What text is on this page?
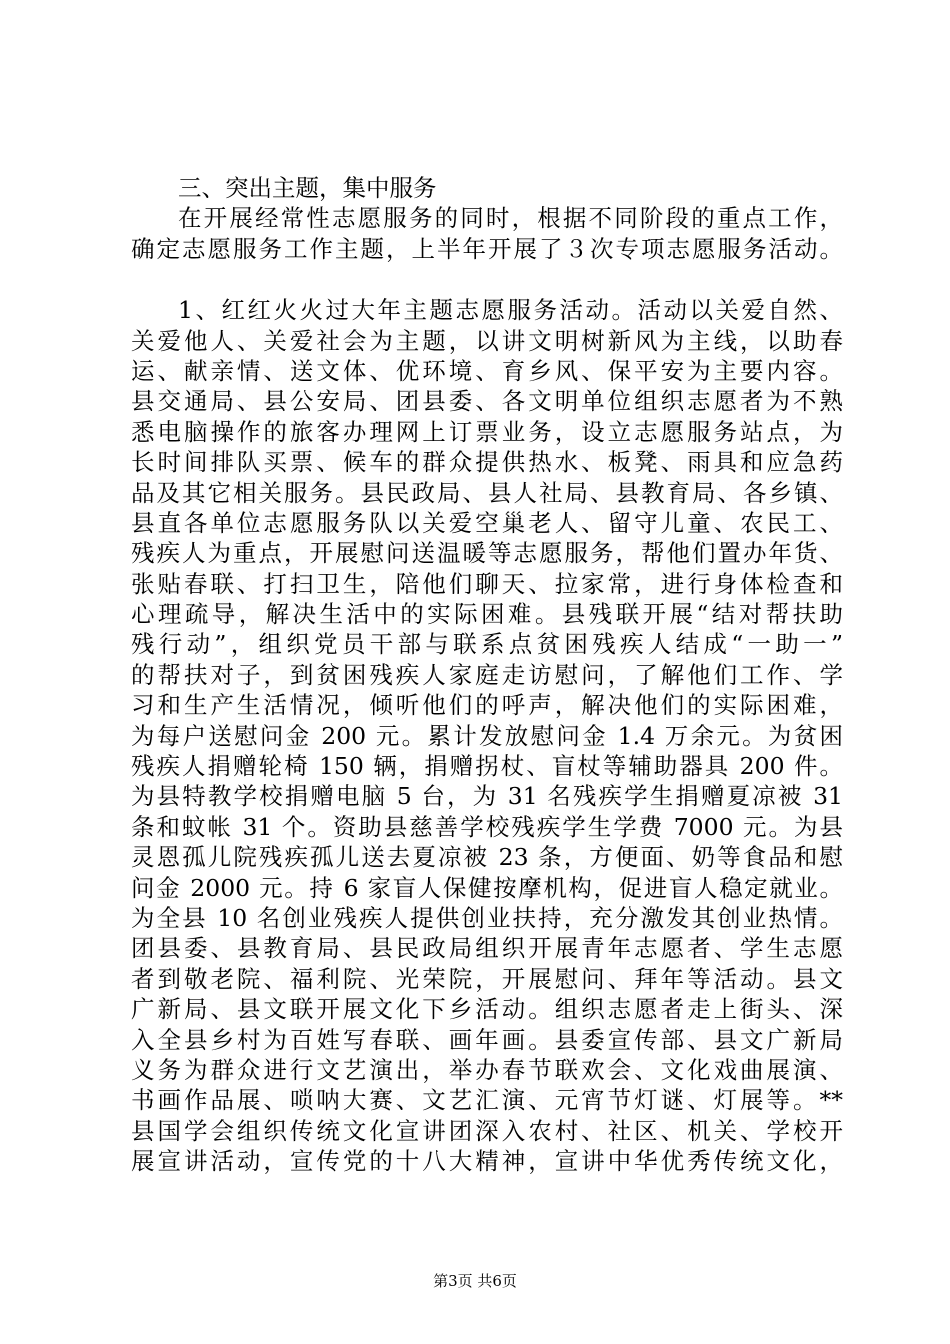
三、突出主题，集中服务
在开展经常性志愿服务的同时，根据不同阶段的重点工作，
确定志愿服务工作主题，上半年开展了３次专项志愿服务活动。
1、红红火火过大年主题志愿服务活动。活动以关爱自然、
关爱他人、关爱社会为主题，以讲文明树新风为主线，以助春
运、献亲情、送文体、优环境、育乡风、保平安为主要内容。
县交通局、县公安局、团县委、各文明单位组织志愿者为不熟
悉电脑操作的旅客办理网上订票业务，设立志愿服务站点，为
长时间排队买票、候车的群众提供热水、板凳、雨具和应急药
品及其它相关服务。县民政局、县人社局、县教育局、各乡镇、
县直各单位志愿服务队以关爱空巢老人、留守儿童、农民工、
残疾人为重点，开展慰问送温暖等志愿服务，帮他们置办年货、
张贴春联、打扫卫生，陪他们聊天、拉家常，进行身体检查和
心理疏导，解决生活中的实际困难。县残联开展“结对帮扶助
残行动”，组织党员干部与联系点贫困残疾人结成“一助一”
的帮扶对子，到贫困残疾人家庭走访慰问，了解他们工作、学
习和生产生活情况，倾听他们的呼声，解决他们的实际困难，
为每户送慰问金 200 元。累计发放慰问金 1.4 万余元。为贫困
残疾人捐赠轮椅 150 辆，捐赠拐杖、盲杖等辅助器具 200 件。
为县特教学校捐赠电脑 5 台，为 31 名残疾学生捐赠夏凉被 31
条和蚊帐 31 个。资助县慈善学校残疾学生学费 7000 元。为县
灵恩孤儿院残疾孤儿送去夏凉被 23 条，方便面、奶等食品和慰
问金 2000 元。持 6 家盲人保健按摩机构，促进盲人稳定就业。
为全县 10 名创业残疾人提供创业扶持，充分激发其创业热情。
团县委、县教育局、县民政局组织开展青年志愿者、学生志愿
者到敬老院、福利院、光荣院，开展慰问、拜年等活动。县文
广新局、县文联开展文化下乡活动。组织志愿者走上街头、深
入全县乡村为百姓写春联、画年画。县委宣传部、县文广新局
义务为群众进行文艺演出，举办春节联欢会、文化戏曲展演、
书画作品展、唢呐大赛、文艺汇演、元宵节灯谜、灯展等。**
县国学会组织传统文化宣讲团深入农村、社区、机关、学校开
展宣讲活动，宣传党的十八大精神，宣讲中华优秀传统文化，
第3页 共6页
